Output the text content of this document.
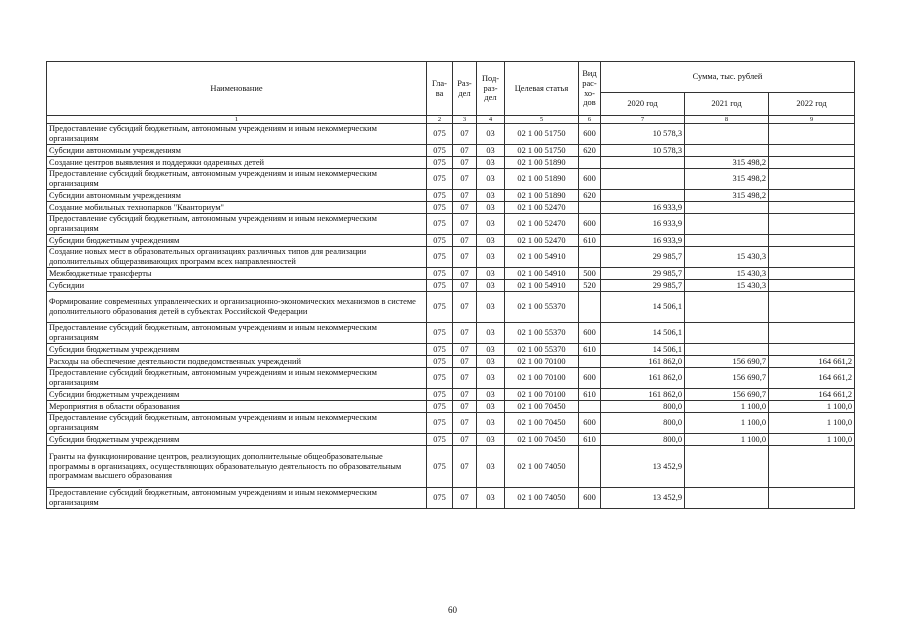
Наименование	Гла-ва	Раз-дел	Под-раз-дел	Целевая статья	Вид рас-хо-дов	Сумма, тыс. рублей		
						2020 год	2021 год	2022 год
1	2	3	4	5	6	7	8	9
Предоставление субсидий бюджетным, автономным учреждениям и иным некоммерческим организациям	075	07	03	02 1 00 51750	600	10 578,3		
Субсидии автономным учреждениям	075	07	03	02 1 00 51750	620	10 578,3		
Создание центров выявления и поддержки одаренных детей	075	07	03	02 1 00 51890			315 498,2	
Предоставление субсидий бюджетным, автономным учреждениям и иным некоммерческим организациям	075	07	03	02 1 00 51890	600		315 498,2	
Субсидии автономным учреждениям	075	07	03	02 1 00 51890	620		315 498,2	
Создание мобильных технопарков "Кванториум"	075	07	03	02 1 00 52470		16 933,9		
Предоставление субсидий бюджетным, автономным учреждениям и иным некоммерческим организациям	075	07	03	02 1 00 52470	600	16 933,9		
Субсидии бюджетным учреждениям	075	07	03	02 1 00 52470	610	16 933,9		
Создание новых мест в образовательных организациях различных типов для реализации дополнительных общеразвивающих программ всех направленностей	075	07	03	02 1 00 54910		29 985,7	15 430,3	
Межбюджетные трансферты	075	07	03	02 1 00 54910	500	29 985,7	15 430,3	
Субсидии	075	07	03	02 1 00 54910	520	29 985,7	15 430,3	
Формирование современных управленческих и организационно-экономических механизмов в системе дополнительного образования детей в субъектах Российской Федерации	075	07	03	02 1 00 55370		14 506,1		
Предоставление субсидий бюджетным, автономным учреждениям и иным некоммерческим организациям	075	07	03	02 1 00 55370	600	14 506,1		
Субсидии бюджетным учреждениям	075	07	03	02 1 00 55370	610	14 506,1		
Расходы на обеспечение деятельности подведомственных учреждений	075	07	03	02 1 00 70100		161 862,0	156 690,7	164 661,2
Предоставление субсидий бюджетным, автономным учреждениям и иным некоммерческим организациям	075	07	03	02 1 00 70100	600	161 862,0	156 690,7	164 661,2
Субсидии бюджетным учреждениям	075	07	03	02 1 00 70100	610	161 862,0	156 690,7	164 661,2
Мероприятия в области образования	075	07	03	02 1 00 70450		800,0	1 100,0	1 100,0
Предоставление субсидий бюджетным, автономным учреждениям и иным некоммерческим организациям	075	07	03	02 1 00 70450	600	800,0	1 100,0	1 100,0
Субсидии бюджетным учреждениям	075	07	03	02 1 00 70450	610	800,0	1 100,0	1 100,0
Гранты на функционирование центров, реализующих дополнительные общеобразовательные программы в организациях, осуществляющих образовательную деятельность по образовательным программам высшего образования	075	07	03	02 1 00 74050		13 452,9		
Предоставление субсидий бюджетным, автономным учреждениям и иным некоммерческим организациям	075	07	03	02 1 00 74050	600	13 452,9		
60
